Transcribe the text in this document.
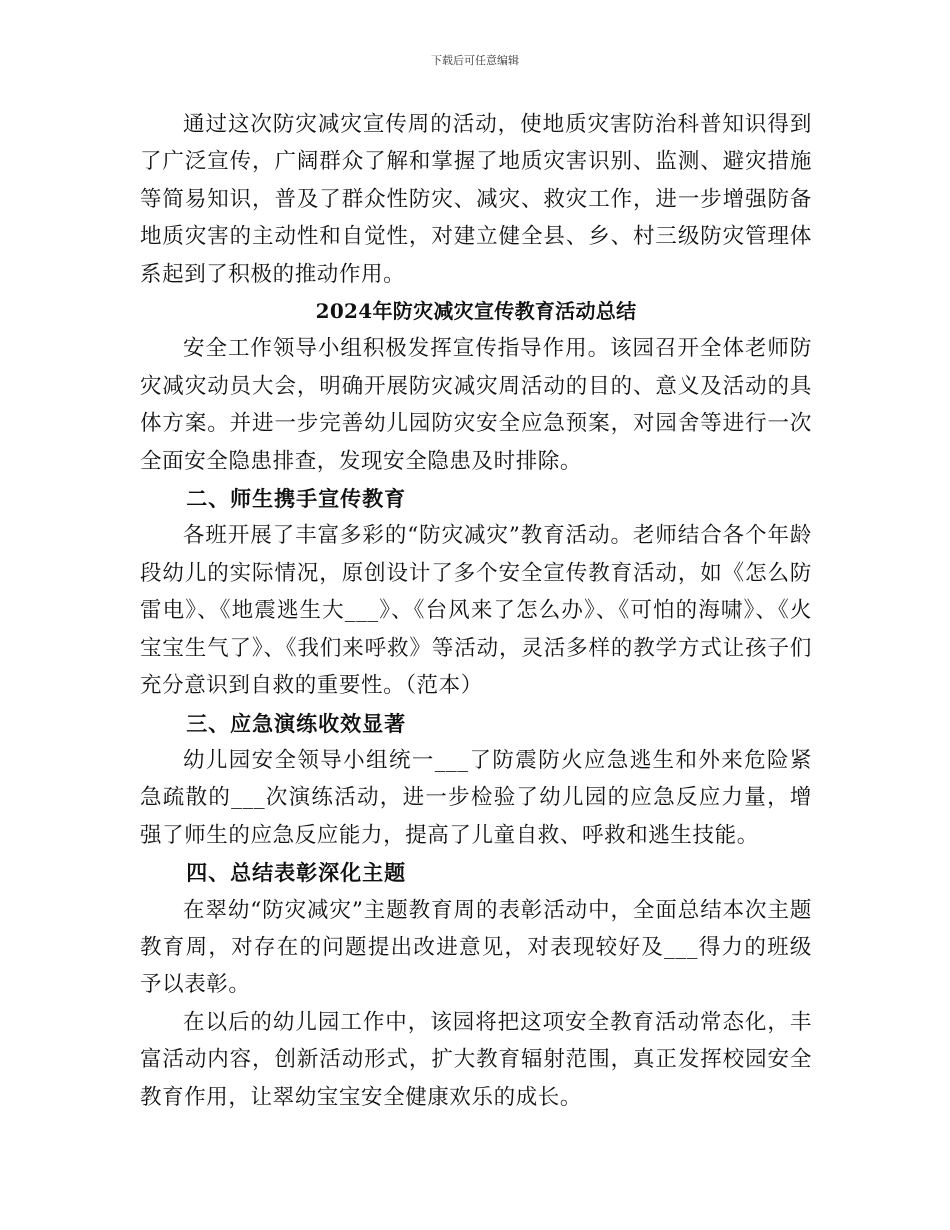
下载后可任意编辑

通过这次防灾减灾宣传周的活动，使地质灾害防治科普知识得到了广泛宣传，广阔群众了解和掌握了地质灾害识别、监测、避灾措施等简易知识，普及了群众性防灾、减灾、救灾工作，进一步增强防备地质灾害的主动性和自觉性，对建立健全县、乡、村三级防灾管理体系起到了积极的推动作用。

2024年防灾减灾宣传教育活动总结

安全工作领导小组积极发挥宣传指导作用。该园召开全体老师防灾减灾动员大会，明确开展防灾减灾周活动的目的、意义及活动的具体方案。并进一步完善幼儿园防灾安全应急预案，对园舍等进行一次全面安全隐患排查，发现安全隐患及时排除。

二、师生携手宣传教育

各班开展了丰富多彩的“防灾减灾”教育活动。老师结合各个年龄段幼儿的实际情况，原创设计了多个安全宣传教育活动，如《怎么防雷电》、《地震逃生大___》、《台风来了怎么办》、《可怕的海啸》、《火宝宝生气了》、《我们来呼救》等活动，灵活多样的教学方式让孩子们充分意识到自救的重要性。（范本）

三、应急演练收效显著

幼儿园安全领导小组统一___了防震防火应急逃生和外来危险紧急疏散的___次演练活动，进一步检验了幼儿园的应急反应力量，增强了师生的应急反应能力，提高了儿童自救、呼救和逃生技能。

四、总结表彰深化主题

在翠幼“防灾减灾”主题教育周的表彰活动中，全面总结本次主题教育周，对存在的问题提出改进意见，对表现较好及___得力的班级予以表彰。

在以后的幼儿园工作中，该园将把这项安全教育活动常态化，丰富活动内容，创新活动形式，扩大教育辐射范围，真正发挥校园安全教育作用，让翠幼宝宝安全健康欢乐的成长。
